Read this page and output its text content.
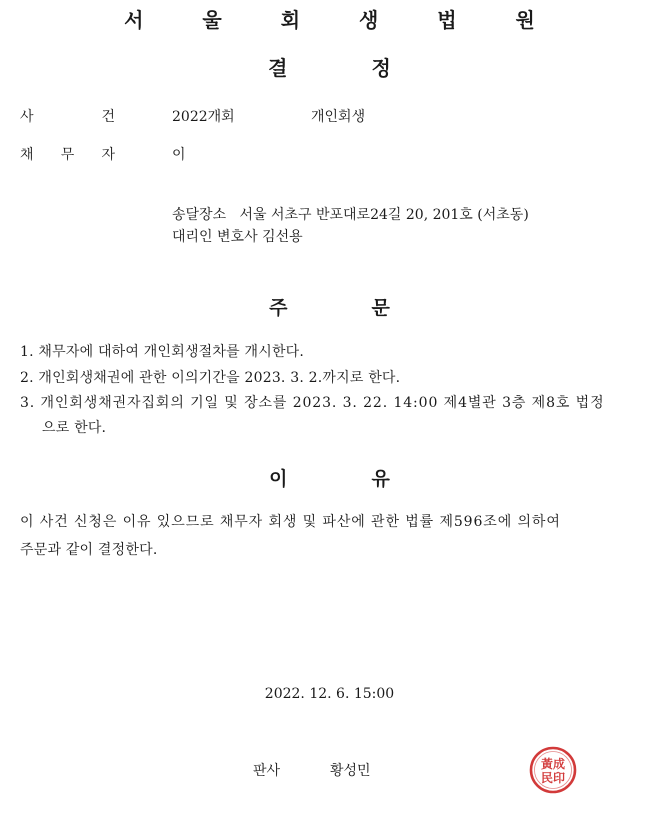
서 울 회 생 법 원
결	정
사	건	2022개회	개인회생
채 무 자	이
송달장소 서울 서초구 반포대로24길 20, 201호 (서초동)
대리인 변호사 김선용
주	문
1. 채무자에 대하여 개인회생절차를 개시한다.
2. 개인회생채권에 관한 이의기간을 2023. 3. 2.까지로 한다.
3. 개인회생채권자집회의 기일 및 장소를 2023. 3. 22. 14:00 제4별관 3층 제8호 법정
으로 한다.
이	유
이 사건 신청은 이유 있으므로 채무자 회생 및 파산에 관한 법률 제596조에 의하여
주문과 같이 결정한다.
2022. 12. 6. 15:00
판사	황성민	黃成
民印
